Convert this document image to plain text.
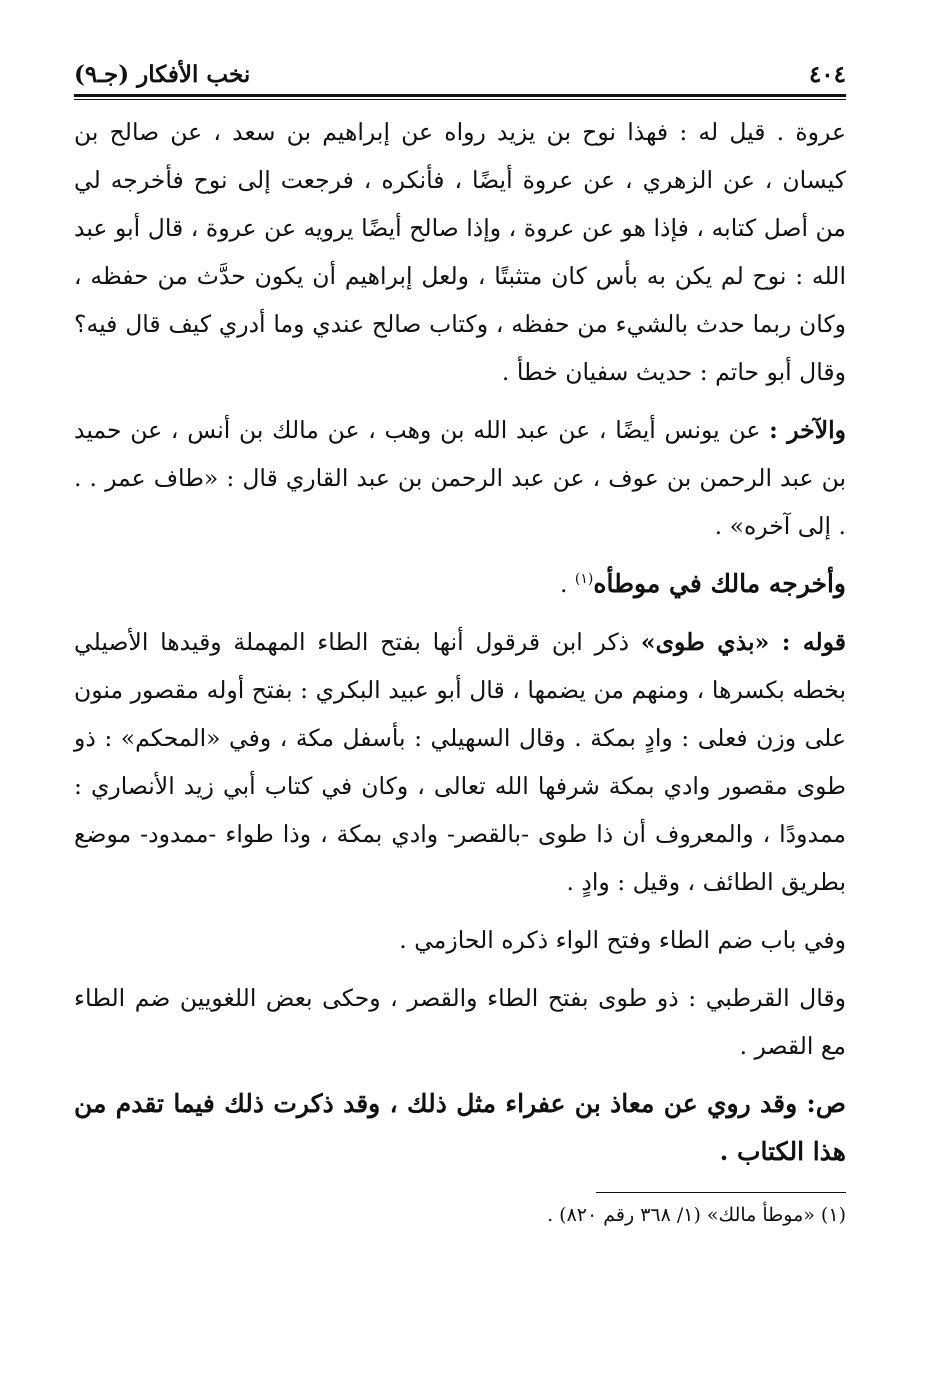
٤٠٤
نخب الأفكار (جـ٩)

عروة . قيل له : فهذا نوح بن يزيد رواه عن إبراهيم بن سعد ، عن صالح بن كيسان ، عن الزهري ، عن عروة أيضًا ، فأنكره ، فرجعت إلى نوح فأخرجه لي من أصل كتابه ، فإذا هو عن عروة ، وإذا صالح أيضًا يرويه عن عروة ، قال أبو عبد الله : نوح لم يكن به بأس كان متثبتًا ، ولعل إبراهيم أن يكون حدَّث من حفظه ، وكان ربما حدث بالشيء من حفظه ، وكتاب صالح عندي وما أدري كيف قال فيه؟ وقال أبو حاتم : حديث سفيان خطأ .

والآخر : عن يونس أيضًا ، عن عبد الله بن وهب ، عن مالك بن أنس ، عن حميد بن عبد الرحمن بن عوف ، عن عبد الرحمن بن عبد القاري قال : «طاف عمر . . . إلى آخره» .

وأخرجه مالك في موطأه$^{(١)}$ .

قوله : «بذي طوى» ذكر ابن قرقول أنها بفتح الطاء المهملة وقيدها الأصيلي بخطه بكسرها ، ومنهم من يضمها ، قال أبو عبيد البكري : بفتح أوله مقصور منون على وزن فعلى : وادٍ بمكة . وقال السهيلي : بأسفل مكة ، وفي «المحكم» : ذو طوى مقصور وادي بمكة شرفها الله تعالى ، وكان في كتاب أبي زيد الأنصاري : ممدودًا ، والمعروف أن ذا طوى -بالقصر- وادي بمكة ، وذا طواء -ممدود- موضع بطريق الطائف ، وقيل : وادٍ .

وفي باب ضم الطاء وفتح الواء ذكره الحازمي .

وقال القرطبي : ذو طوى بفتح الطاء والقصر ، وحكى بعض اللغويين ضم الطاء مع القصر .

ص: وقد روي عن معاذ بن عفراء مثل ذلك ، وقد ذكرت ذلك فيما تقدم من هذا الكتاب .

(١) «موطأ مالك» (١/ ٣٦٨ رقم ٨٢٠) .
